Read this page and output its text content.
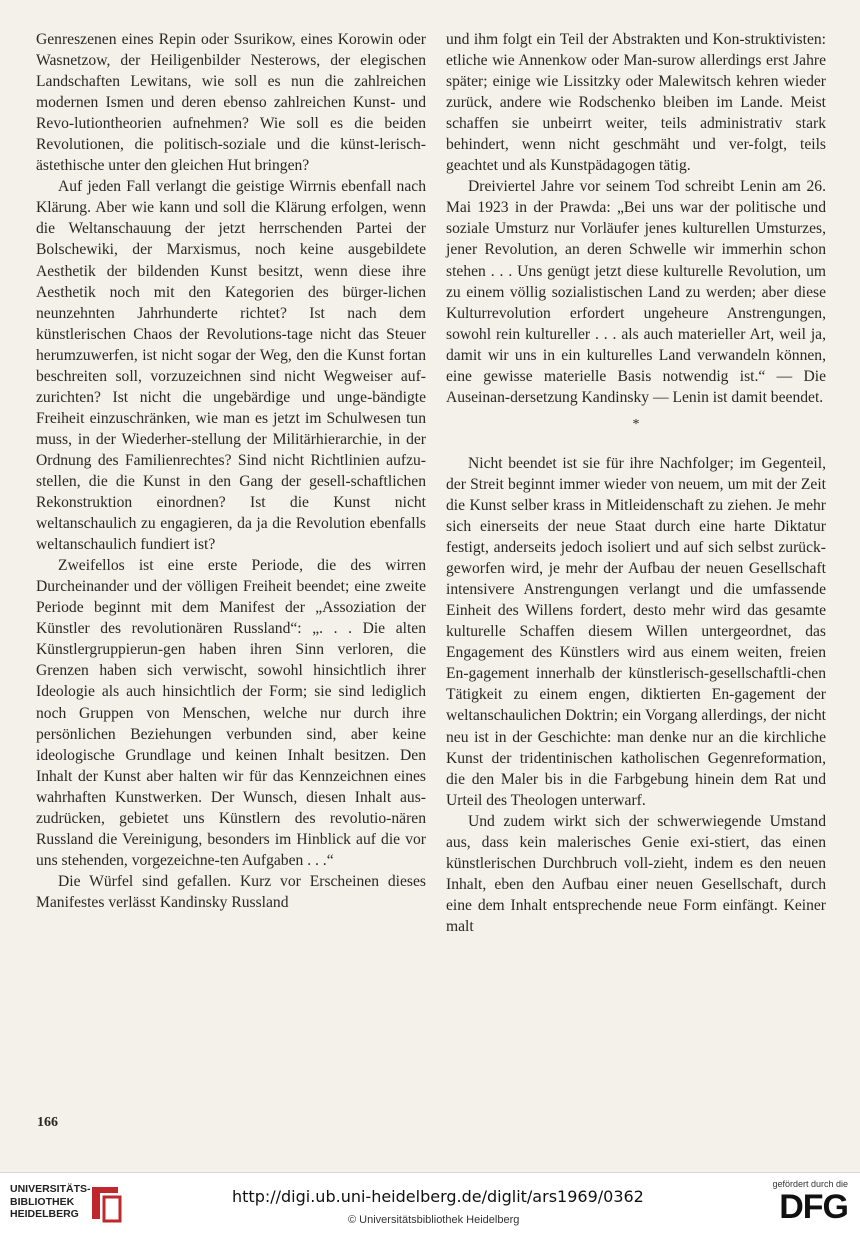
Genreszenen eines Repin oder Ssurikow, eines Korowin oder Wasnetzow, der Heiligenbilder Nesterows, der elegischen Landschaften Lewitans, wie soll es nun die zahlreichen modernen Ismen und deren ebenso zahlreichen Kunst- und Revo-lutiontheorien aufnehmen? Wie soll es die beiden Revolutionen, die politisch-soziale und die künst-lerisch-ästethische unter den gleichen Hut bringen?

Auf jeden Fall verlangt die geistige Wirrnis ebenfall nach Klärung. Aber wie kann und soll die Klärung erfolgen, wenn die Weltanschauung der jetzt herrschenden Partei der Bolschewiki, der Marxismus, noch keine ausgebildete Aesthetik der bildenden Kunst besitzt, wenn diese ihre Aesthetik noch mit den Kategorien des bürger-lichen neunzehnten Jahrhunderte richtet? Ist nach dem künstlerischen Chaos der Revolutions-tage nicht das Steuer herumzuwerfen, ist nicht sogar der Weg, den die Kunst fortan beschreiten soll, vorzuzeichnen sind nicht Wegweiser auf-zurichten? Ist nicht die ungebärdige und unge-bändigte Freiheit einzuschränken, wie man es jetzt im Schulwesen tun muss, in der Wiederher-stellung der Militärhierarchie, in der Ordnung des Familienrechtes? Sind nicht Richtlinien aufzu-stellen, die die Kunst in den Gang der gesell-schaftlichen Rekonstruktion einordnen? Ist die Kunst nicht weltanschaulich zu engagieren, da ja die Revolution ebenfalls weltanschaulich fundiert ist?

Zweifellos ist eine erste Periode, die des wirren Durcheinander und der völligen Freiheit beendet; eine zweite Periode beginnt mit dem Manifest der „Assoziation der Künstler des revolutionären Russland“: „. . . Die alten Künstlergruppierun-gen haben ihren Sinn verloren, die Grenzen haben sich verwischt, sowohl hinsichtlich ihrer Ideologie als auch hinsichtlich der Form; sie sind lediglich noch Gruppen von Menschen, welche nur durch ihre persönlichen Beziehungen verbunden sind, aber keine ideologische Grundlage und keinen Inhalt besitzen. Den Inhalt der Kunst aber halten wir für das Kennzeichnen eines wahrhaften Kunstwerken. Der Wunsch, diesen Inhalt aus-zudrücken, gebietet uns Künstlern des revolutio-nären Russland die Vereinigung, besonders im Hinblick auf die vor uns stehenden, vorgezeichne-ten Aufgaben . . .“

Die Würfel sind gefallen. Kurz vor Erscheinen dieses Manifestes verlässt Kandinsky Russland

und ihm folgt ein Teil der Abstrakten und Kon-struktivisten: etliche wie Annenkow oder Man-surow allerdings erst Jahre später; einige wie Lissitzky oder Malewitsch kehren wieder zurück, andere wie Rodschenko bleiben im Lande. Meist schaffen sie unbeirrt weiter, teils administrativ stark behindert, wenn nicht geschmäht und ver-folgt, teils geachtet und als Kunstpädagogen tätig.

Dreiviertel Jahre vor seinem Tod schreibt Lenin am 26. Mai 1923 in der Prawda: „Bei uns war der politische und soziale Umsturz nur Vorläufer jenes kulturellen Umsturzes, jener Revolution, an deren Schwelle wir immerhin schon stehen . . . Uns genügt jetzt diese kulturelle Revolution, um zu einem völlig sozialistischen Land zu werden; aber diese Kulturrevolution erfordert ungeheure Anstrengungen, sowohl rein kultureller . . . als auch materieller Art, weil ja, damit wir uns in ein kulturelles Land verwandeln können, eine gewisse materielle Basis notwendig ist.“ — Die Auseinan-dersetzung Kandinsky — Lenin ist damit beendet.

*

Nicht beendet ist sie für ihre Nachfolger; im Gegenteil, der Streit beginnt immer wieder von neuem, um mit der Zeit die Kunst selber krass in Mitleidenschaft zu ziehen. Je mehr sich einerseits der neue Staat durch eine harte Diktatur festigt, anderseits jedoch isoliert und auf sich selbst zurück-geworfen wird, je mehr der Aufbau der neuen Gesellschaft intensivere Anstrengungen verlangt und die umfassende Einheit des Willens fordert, desto mehr wird das gesamte kulturelle Schaffen diesem Willen untergeordnet, das Engagement des Künstlers wird aus einem weiten, freien En-gagement innerhalb der künstlerisch-gesellschaftli-chen Tätigkeit zu einem engen, diktierten En-gagement der weltanschaulichen Doktrin; ein Vorgang allerdings, der nicht neu ist in der Geschichte: man denke nur an die kirchliche Kunst der tridentinischen katholischen Gegenreformation, die den Maler bis in die Farbgebung hinein dem Rat und Urteil des Theologen unterwarf.

Und zudem wirkt sich der schwerwiegende Umstand aus, dass kein malerisches Genie exi-stiert, das einen künstlerischen Durchbruch voll-zieht, indem es den neuen Inhalt, eben den Aufbau einer neuen Gesellschaft, durch eine dem Inhalt entsprechende neue Form einfängt. Keiner malt

166
UNIVERSITÄTS-
BIBLIOTHEK
HEIDELBERG
http://digi.ub.uni-heidelberg.de/diglit/ars1969/0362
© Universitätsbibliothek Heidelberg
gefördert durch die
DFG
